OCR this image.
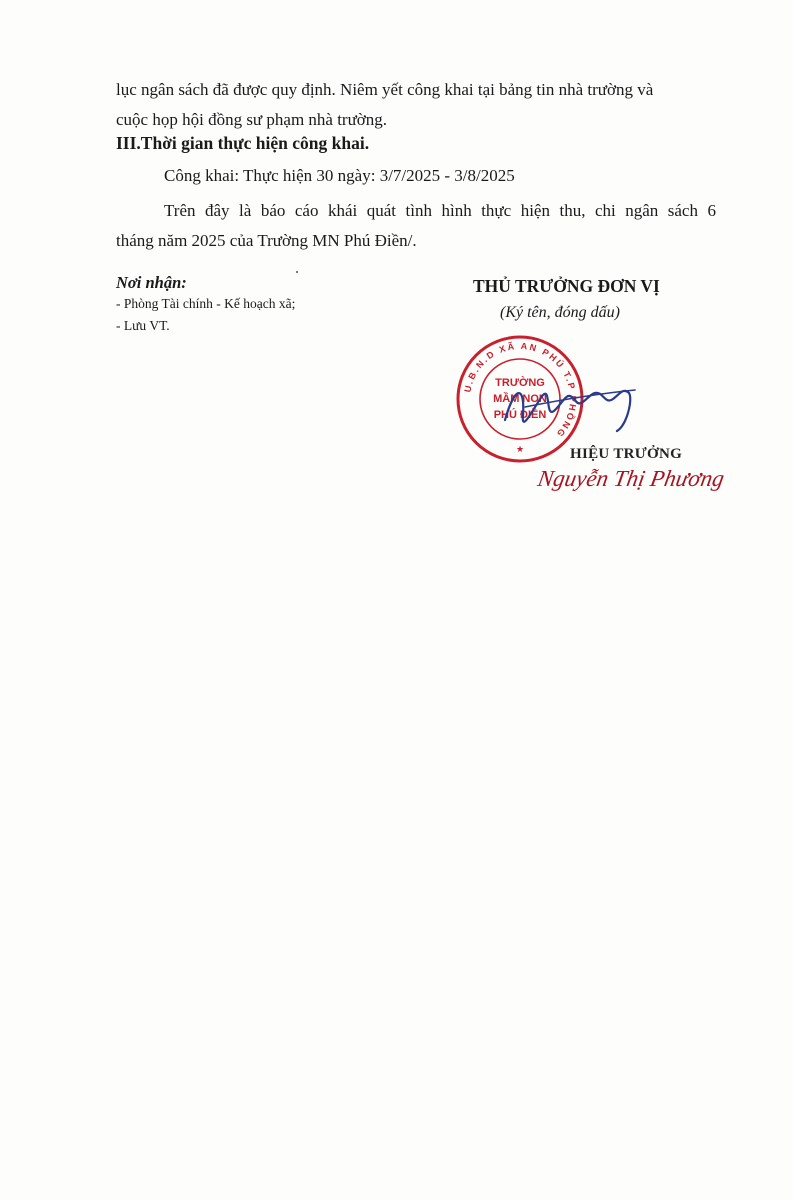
lục ngân sách đã được quy định. Niêm yết công khai tại bảng tin nhà trường và
cuộc họp hội đồng sư phạm nhà trường.
III.Thời gian thực hiện công khai.
Công khai: Thực hiện 30 ngày: 3/7/2025 - 3/8/2025
Trên đây là báo cáo khái quát tình hình thực hiện thu, chi ngân sách 6
tháng năm 2025 của Trường MN Phú Điền/.
Nơi nhận:
- Phòng Tài chính - Kế hoạch xã;
- Lưu VT.
THỦ TRƯỞNG ĐƠN VỊ
(Ký tên, đóng dấu)
U.B.N.D XÃ AN PHÚ T.P PHỒNG
TRƯỜNG
MẦM NON
PHÚ ĐIỀN
★	HIỆU TRƯỞNG
Nguyễn Thị Phương
